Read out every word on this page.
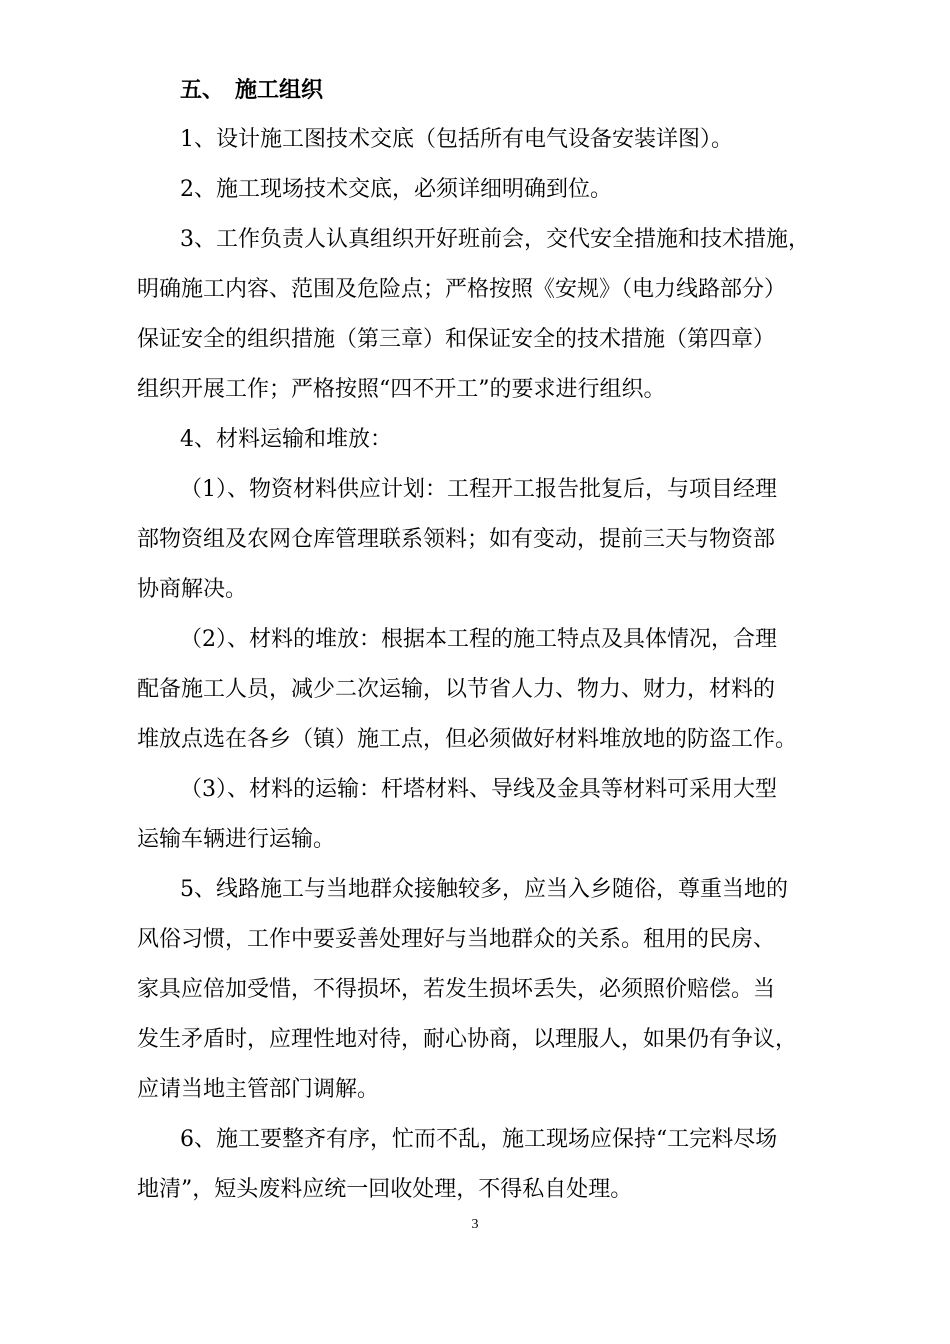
五、 施工组织
1、设计施工图技术交底（包括所有电气设备安装详图）。
2、施工现场技术交底，必须详细明确到位。
3、工作负责人认真组织开好班前会，交代安全措施和技术措施，
明确施工内容、范围及危险点；严格按照《安规》（电力线路部分）
保证安全的组织措施（第三章）和保证安全的技术措施（第四章）
组织开展工作；严格按照“四不开工”的要求进行组织。
4、材料运输和堆放：
（1）、物资材料供应计划：工程开工报告批复后，与项目经理
部物资组及农网仓库管理联系领料；如有变动，提前三天与物资部
协商解决。
（2）、材料的堆放：根据本工程的施工特点及具体情况，合理
配备施工人员，减少二次运输，以节省人力、物力、财力，材料的
堆放点选在各乡（镇）施工点，但必须做好材料堆放地的防盗工作。
（3）、材料的运输：杆塔材料、导线及金具等材料可采用大型
运输车辆进行运输。
5、线路施工与当地群众接触较多，应当入乡随俗，尊重当地的
风俗习惯，工作中要妥善处理好与当地群众的关系。租用的民房、
家具应倍加受惜，不得损坏，若发生损坏丢失，必须照价赔偿。当
发生矛盾时，应理性地对待，耐心协商，以理服人，如果仍有争议，
应请当地主管部门调解。
6、施工要整齐有序，忙而不乱，施工现场应保持“工完料尽场
地清”，短头废料应统一回收处理，不得私自处理。
3
